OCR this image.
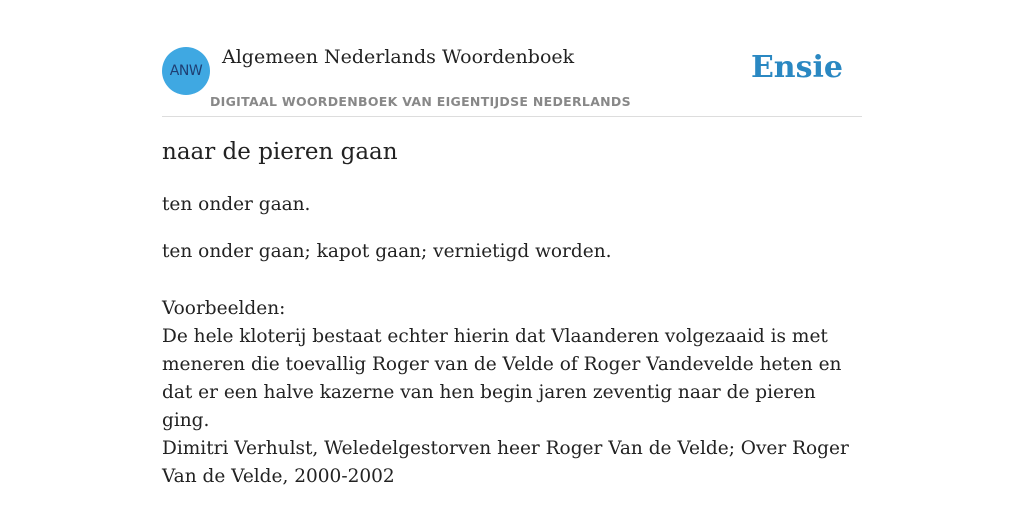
ANW
Algemeen Nederlands Woordenboek
DIGITAAL WOORDENBOEK VAN EIGENTIJDSE NEDERLANDS
Ensie
naar de pieren gaan
ten onder gaan.
ten onder gaan; kapot gaan; vernietigd worden.
Voorbeelden:
De hele kloterij bestaat echter hierin dat Vlaanderen volgezaaid is met meneren die toevallig Roger van de Velde of Roger Vandevelde heten en dat er een halve kazerne van hen begin jaren zeventig naar de pieren ging.
Dimitri Verhulst, Weledelgestorven heer Roger Van de Velde; Over Roger Van de Velde, 2000-2002
